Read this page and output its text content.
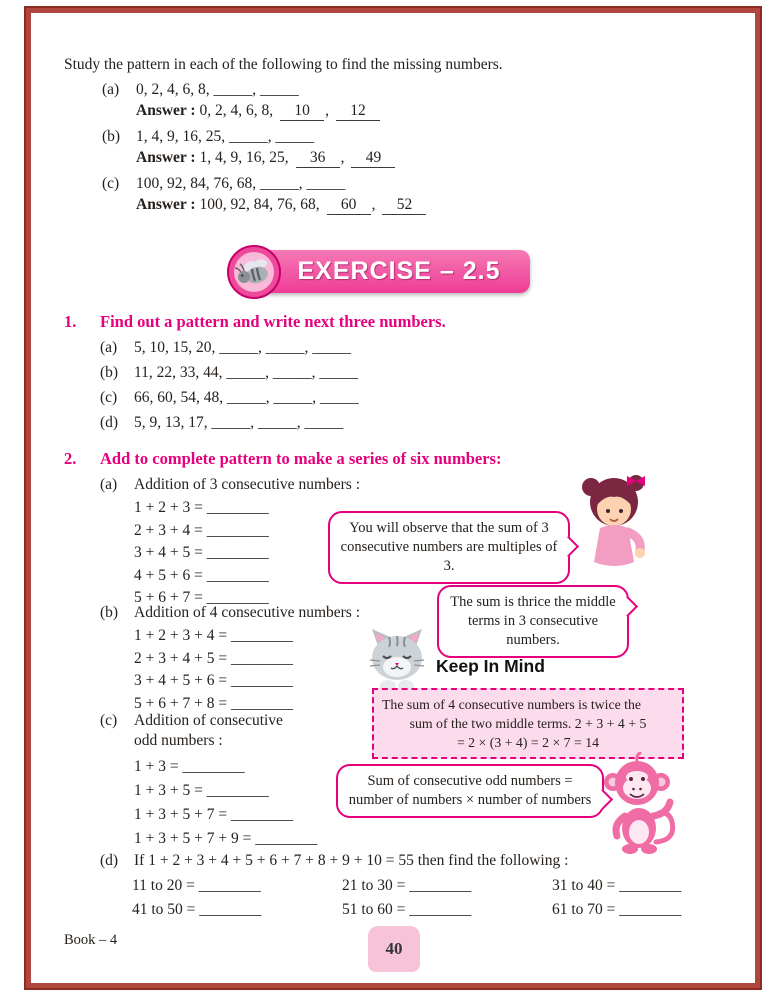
Study the pattern in each of the following to find the missing numbers.

(a) 0, 2, 4, 6, 8, _____, _____
Answer : 0, 2, 4, 6, 8, 10 , 12
(b) 1, 4, 9, 16, 25, _____, _____
Answer : 1, 4, 9, 16, 25, 36 , 49
(c) 100, 92, 84, 76, 68, _____, _____
Answer : 100, 92, 84, 76, 68, 60 , 52
EXERCISE – 2.5
1.	Find out a pattern and write next three numbers.
(a) 5, 10, 15, 20, _____, _____, _____
(b) 11, 22, 33, 44, _____, _____, _____
(c) 66, 60, 54, 48, _____, _____, _____
(d) 5, 9, 13, 17, _____, _____, _____
2.	Add to complete pattern to make a series of six numbers:
(a)	Addition of 3 consecutive numbers :
1 + 2 + 3 = ________
2 + 3 + 4 = ________
3 + 4 + 5 = ________
4 + 5 + 6 = ________
5 + 6 + 7 = ________
You will observe that the sum of 3 consecutive numbers are multiples of 3.
The sum is thrice the middle terms in 3 consecutive numbers.
(b)	Addition of 4 consecutive numbers :
1 + 2 + 3 + 4 = ________
2 + 3 + 4 + 5 = ________
3 + 4 + 5 + 6 = ________
5 + 6 + 7 + 8 = ________
Keep In Mind
The sum of 4 consecutive numbers is twice the
sum of the two middle terms. 2 + 3 + 4 + 5
= 2 × (3 + 4) = 2 × 7 = 14
(c)	Addition of consecutive
odd numbers :
1 + 3 = ________
1 + 3 + 5 = ________
1 + 3 + 5 + 7 = ________
1 + 3 + 5 + 7 + 9 = ________
Sum of consecutive odd numbers = number of numbers × number of numbers
(d)	If 1 + 2 + 3 + 4 + 5 + 6 + 7 + 8 + 9 + 10 = 55 then find the following :
11 to 20 = ________	21 to 30 = ________	31 to 40 = ________
41 to 50 = ________	51 to 60 = ________	61 to 70 = ________
Book – 4	40
